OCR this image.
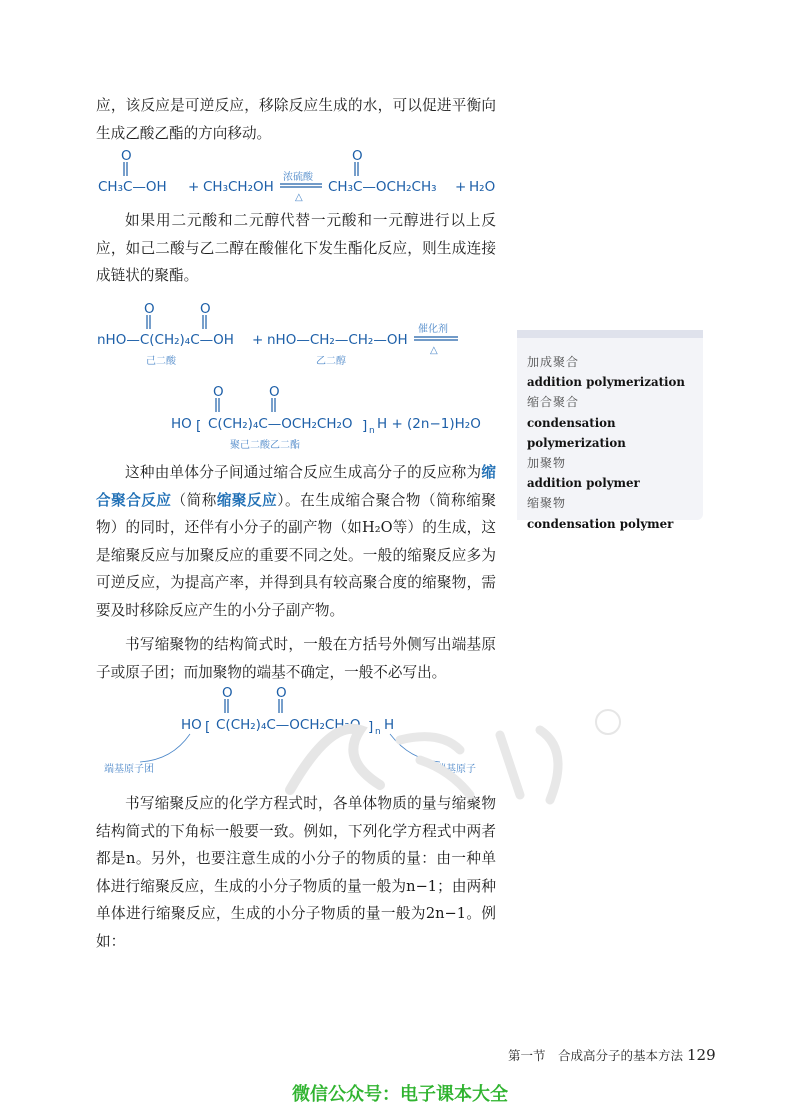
应，该反应是可逆反应，移除反应生成的水，可以促进平衡向生成乙酸乙酯的方向移动。

O
CH₃C—OH + CH₃CH₂OH
浓硫酸
△
O
CH₃C—OCH₂CH₃ + H₂O
O	O
nHO—C(CH₂)₄C—OH + nHO—CH₂—CH₂—OH
己二酸	乙二醇
催化剂
△
O	O
HO [ C(CH₂)₄C—OCH₂CH₂O ] n H + (2n−1)H₂O
聚己二酸乙二酯
O	O
HO [ C(CH₂)₄C—OCH₂CH₂O ] n H
端基原子团	端基原子

如果用二元酸和二元醇代替一元酸和一元醇进行以上反应，如己二酸与乙二醇在酸催化下发生酯化反应，则生成连接成链状的聚酯。

这种由单体分子间通过缩合反应生成高分子的反应称为缩合聚合反应（简称缩聚反应）。在生成缩合聚合物（简称缩聚物）的同时，还伴有小分子的副产物（如H₂O等）的生成，这是缩聚反应与加聚反应的重要不同之处。一般的缩聚反应多为可逆反应，为提高产率，并得到具有较高聚合度的缩聚物，需要及时移除反应产生的小分子副产物。

书写缩聚物的结构简式时，一般在方括号外侧写出端基原子或原子团；而加聚物的端基不确定，一般不必写出。

书写缩聚反应的化学方程式时，各单体物质的量与缩聚物结构简式的下角标一般要一致。例如，下列化学方程式中两者都是n。另外，也要注意生成的小分子的物质的量：由一种单体进行缩聚反应，生成的小分子物质的量一般为n−1；由两种单体进行缩聚反应，生成的小分子物质的量一般为2n−1。例如：

加成聚合
addition polymerization
缩合聚合
condensation polymerization
加聚物
addition polymer
缩聚物
condensation polymer
第一节　合成高分子的基本方法 129
微信公众号：电子课本大全
